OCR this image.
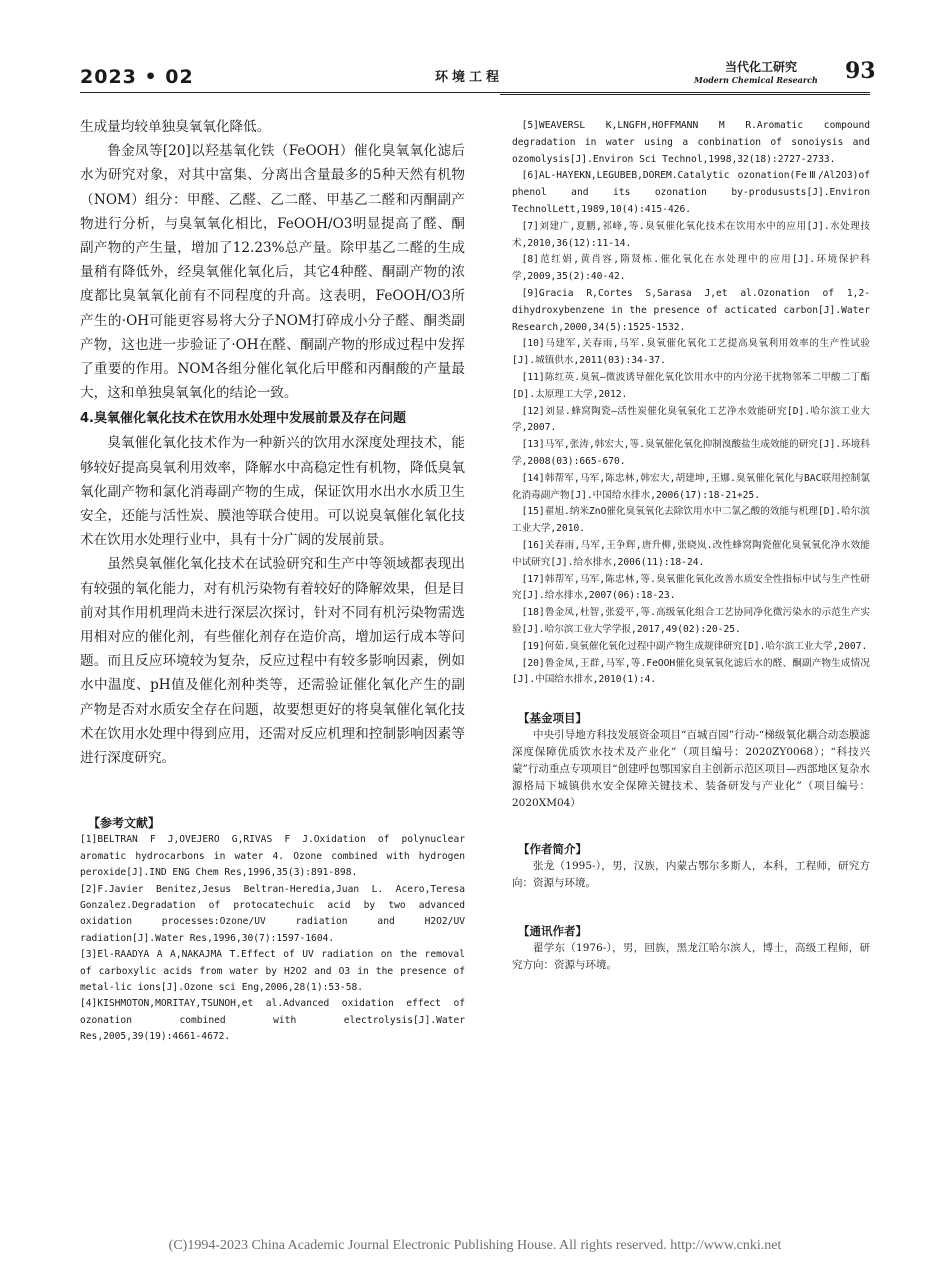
2023 • 02	环境工程
当代化工研究
Modern Chemical Research 93

生成量均较单独臭氧氧化降低。

鲁金凤等[20]以羟基氧化铁（FeOOH）催化臭氧氧化滤后水为研究对象，对其中富集、分离出含量最多的5种天然有机物（NOM）组分：甲醛、乙醛、乙二醛、甲基乙二醛和丙酮副产物进行分析，与臭氧氧化相比，FeOOH/O3明显提高了醛、酮副产物的产生量，增加了12.23%总产量。除甲基乙二醛的生成量稍有降低外，经臭氧催化氧化后，其它4种醛、酮副产物的浓度都比臭氧氧化前有不同程度的升高。这表明，FeOOH/O3所产生的·OH可能更容易将大分子NOM打碎成小分子醛、酮类副产物，这也进一步验证了·OH在醛、酮副产物的形成过程中发挥了重要的作用。NOM各组分催化氧化后甲醛和丙酮酸的产量最大，这和单独臭氧氧化的结论一致。

4.臭氧催化氧化技术在饮用水处理中发展前景及存在问题

臭氧催化氧化技术作为一种新兴的饮用水深度处理技术，能够较好提高臭氧利用效率，降解水中高稳定性有机物，降低臭氧氧化副产物和氯化消毒副产物的生成，保证饮用水出水水质卫生安全，还能与活性炭、膜池等联合使用。可以说臭氧催化氧化技术在饮用水处理行业中，具有十分广阔的发展前景。

虽然臭氧催化氧化技术在试验研究和生产中等领域都表现出有较强的氧化能力，对有机污染物有着较好的降解效果，但是目前对其作用机理尚未进行深层次探讨，针对不同有机污染物需选用相对应的催化剂，有些催化剂存在造价高，增加运行成本等问题。而且反应环境较为复杂，反应过程中有较多影响因素，例如水中温度、pH值及催化剂种类等，还需验证催化氧化产生的副产物是否对水质安全存在问题，故要想更好的将臭氧催化氧化技术在饮用水处理中得到应用，还需对反应机理和控制影响因素等进行深度研究。

【参考文献】

[1]BELTRAN F J,OVEJERO G,RIVAS F J.Oxidation of polynuclear aromatic hydrocarbons in water 4. Ozone combined with hydrogen peroxide[J].IND ENG Chem Res,1996,35(3):891-898.

[2]F.Javier Benitez,Jesus Beltran-Heredia,Juan L. Acero,Teresa Gonzalez.Degradation of protocatechuic acid by two advanced oxidation processes:Ozone/UV radiation and H2O2/UV radiation[J].Water Res,1996,30(7):1597-1604.

[3]El-RAADYA A A,NAKAJMA T.Effect of UV radiation on the removal of carboxylic acids from water by H2O2 and O3 in the presence of metal-lic ions[J].Ozone sci Eng,2006,28(1):53-58.

[4]KISHMOTON,MORITAY,TSUNOH,et al.Advanced oxidation effect of ozonation combined with electrolysis[J].Water Res,2005,39(19):4661-4672.

[5]WEAVERSL K,LNGFH,HOFFMANN M R.Aromatic compound degradation in water using a conbination of sonoiysis and ozomolysis[J].Environ Sci Technol,1998,32(18):2727-2733.

[6]AL-HAYEKN,LEGUBEB,DOREM.Catalytic ozonation(FeⅢ/Al2O3)of phenol and its ozonation by-prodususts[J].Environ TechnolLett,1989,10(4):415-426.

[7]刘建广,夏鹏,祁峰,等.臭氧催化氧化技术在饮用水中的应用[J].水处理技术,2010,36(12):11-14.

[8]范红娟,黄肖容,隋贤栋.催化氧化在水处理中的应用[J].环境保护科学,2009,35(2):40-42.

[9]Gracia R,Cortes S,Sarasa J,et al.Ozonation of 1,2-dihydroxybenzene in the presence of acticated carbon[J].Water Research,2000,34(5):1525-1532.

[10]马建军,关春雨,马军.臭氧催化氧化工艺提高臭氧利用效率的生产性试验[J].城镇供水,2011(03):34-37.

[11]陈红英.臭氧—微波诱导催化氧化饮用水中的内分泌干扰物邻苯二甲酸二丁酯[D].太原理工大学,2012.

[12]刘显.蜂窝陶瓷—活性炭催化臭氧氧化工艺净水效能研究[D].哈尔滨工业大学,2007.

[13]马军,张涛,韩宏大,等.臭氧催化氧化抑制溴酸盐生成效能的研究[J].环境科学,2008(03):665-670.

[14]韩帮军,马军,陈忠林,韩宏大,胡建坤,王娜.臭氧催化氧化与BAC联用控制氯化消毒副产物[J].中国给水排水,2006(17):18-21+25.

[15]翟旭.纳米ZnO催化臭氧氧化去除饮用水中二氯乙酸的效能与机理[D].哈尔滨工业大学,2010.

[16]关春雨,马军,王争辉,唐升柳,张晓岚.改性蜂窝陶瓷催化臭氧氧化净水效能中试研究[J].给水排水,2006(11):18-24.

[17]韩帮军,马军,陈忠林,等.臭氧催化氧化改善水质安全性指标中试与生产性研究[J].给水排水,2007(06):18-23.

[18]鲁金凤,杜智,张爱平,等.高级氧化组合工艺协同净化微污染水的示范生产实验[J].哈尔滨工业大学学报,2017,49(02):20-25.

[19]何茹.臭氧催化氧化过程中副产物生成规律研究[D].哈尔滨工业大学,2007.

[20]鲁金凤,王群,马军,等.FeOOH催化臭氧氧化滤后水的醛、酮副产物生成情况[J].中国给水排水,2010(1):4.

【基金项目】

中央引导地方科技发展资金项目“百城百园”行动-“梯级氧化耦合动态膜滤深度保障优质饮水技术及产业化”（项目编号：2020ZY0068）；“科技兴蒙”行动重点专项项目“创建呼包鄂国家自主创新示范区项目—西部地区复杂水源格局下城镇供水安全保障关键技术、装备研发与产业化”（项目编号：2020XM04）

【作者简介】

张龙（1995-），男，汉族，内蒙古鄂尔多斯人，本科，工程师，研究方向：资源与环境。

【通讯作者】

翟学东（1976-），男，回族，黑龙江哈尔滨人，博士，高级工程师，研究方向：资源与环境。

(C)1994-2023 China Academic Journal Electronic Publishing House. All rights reserved. http://www.cnki.net
